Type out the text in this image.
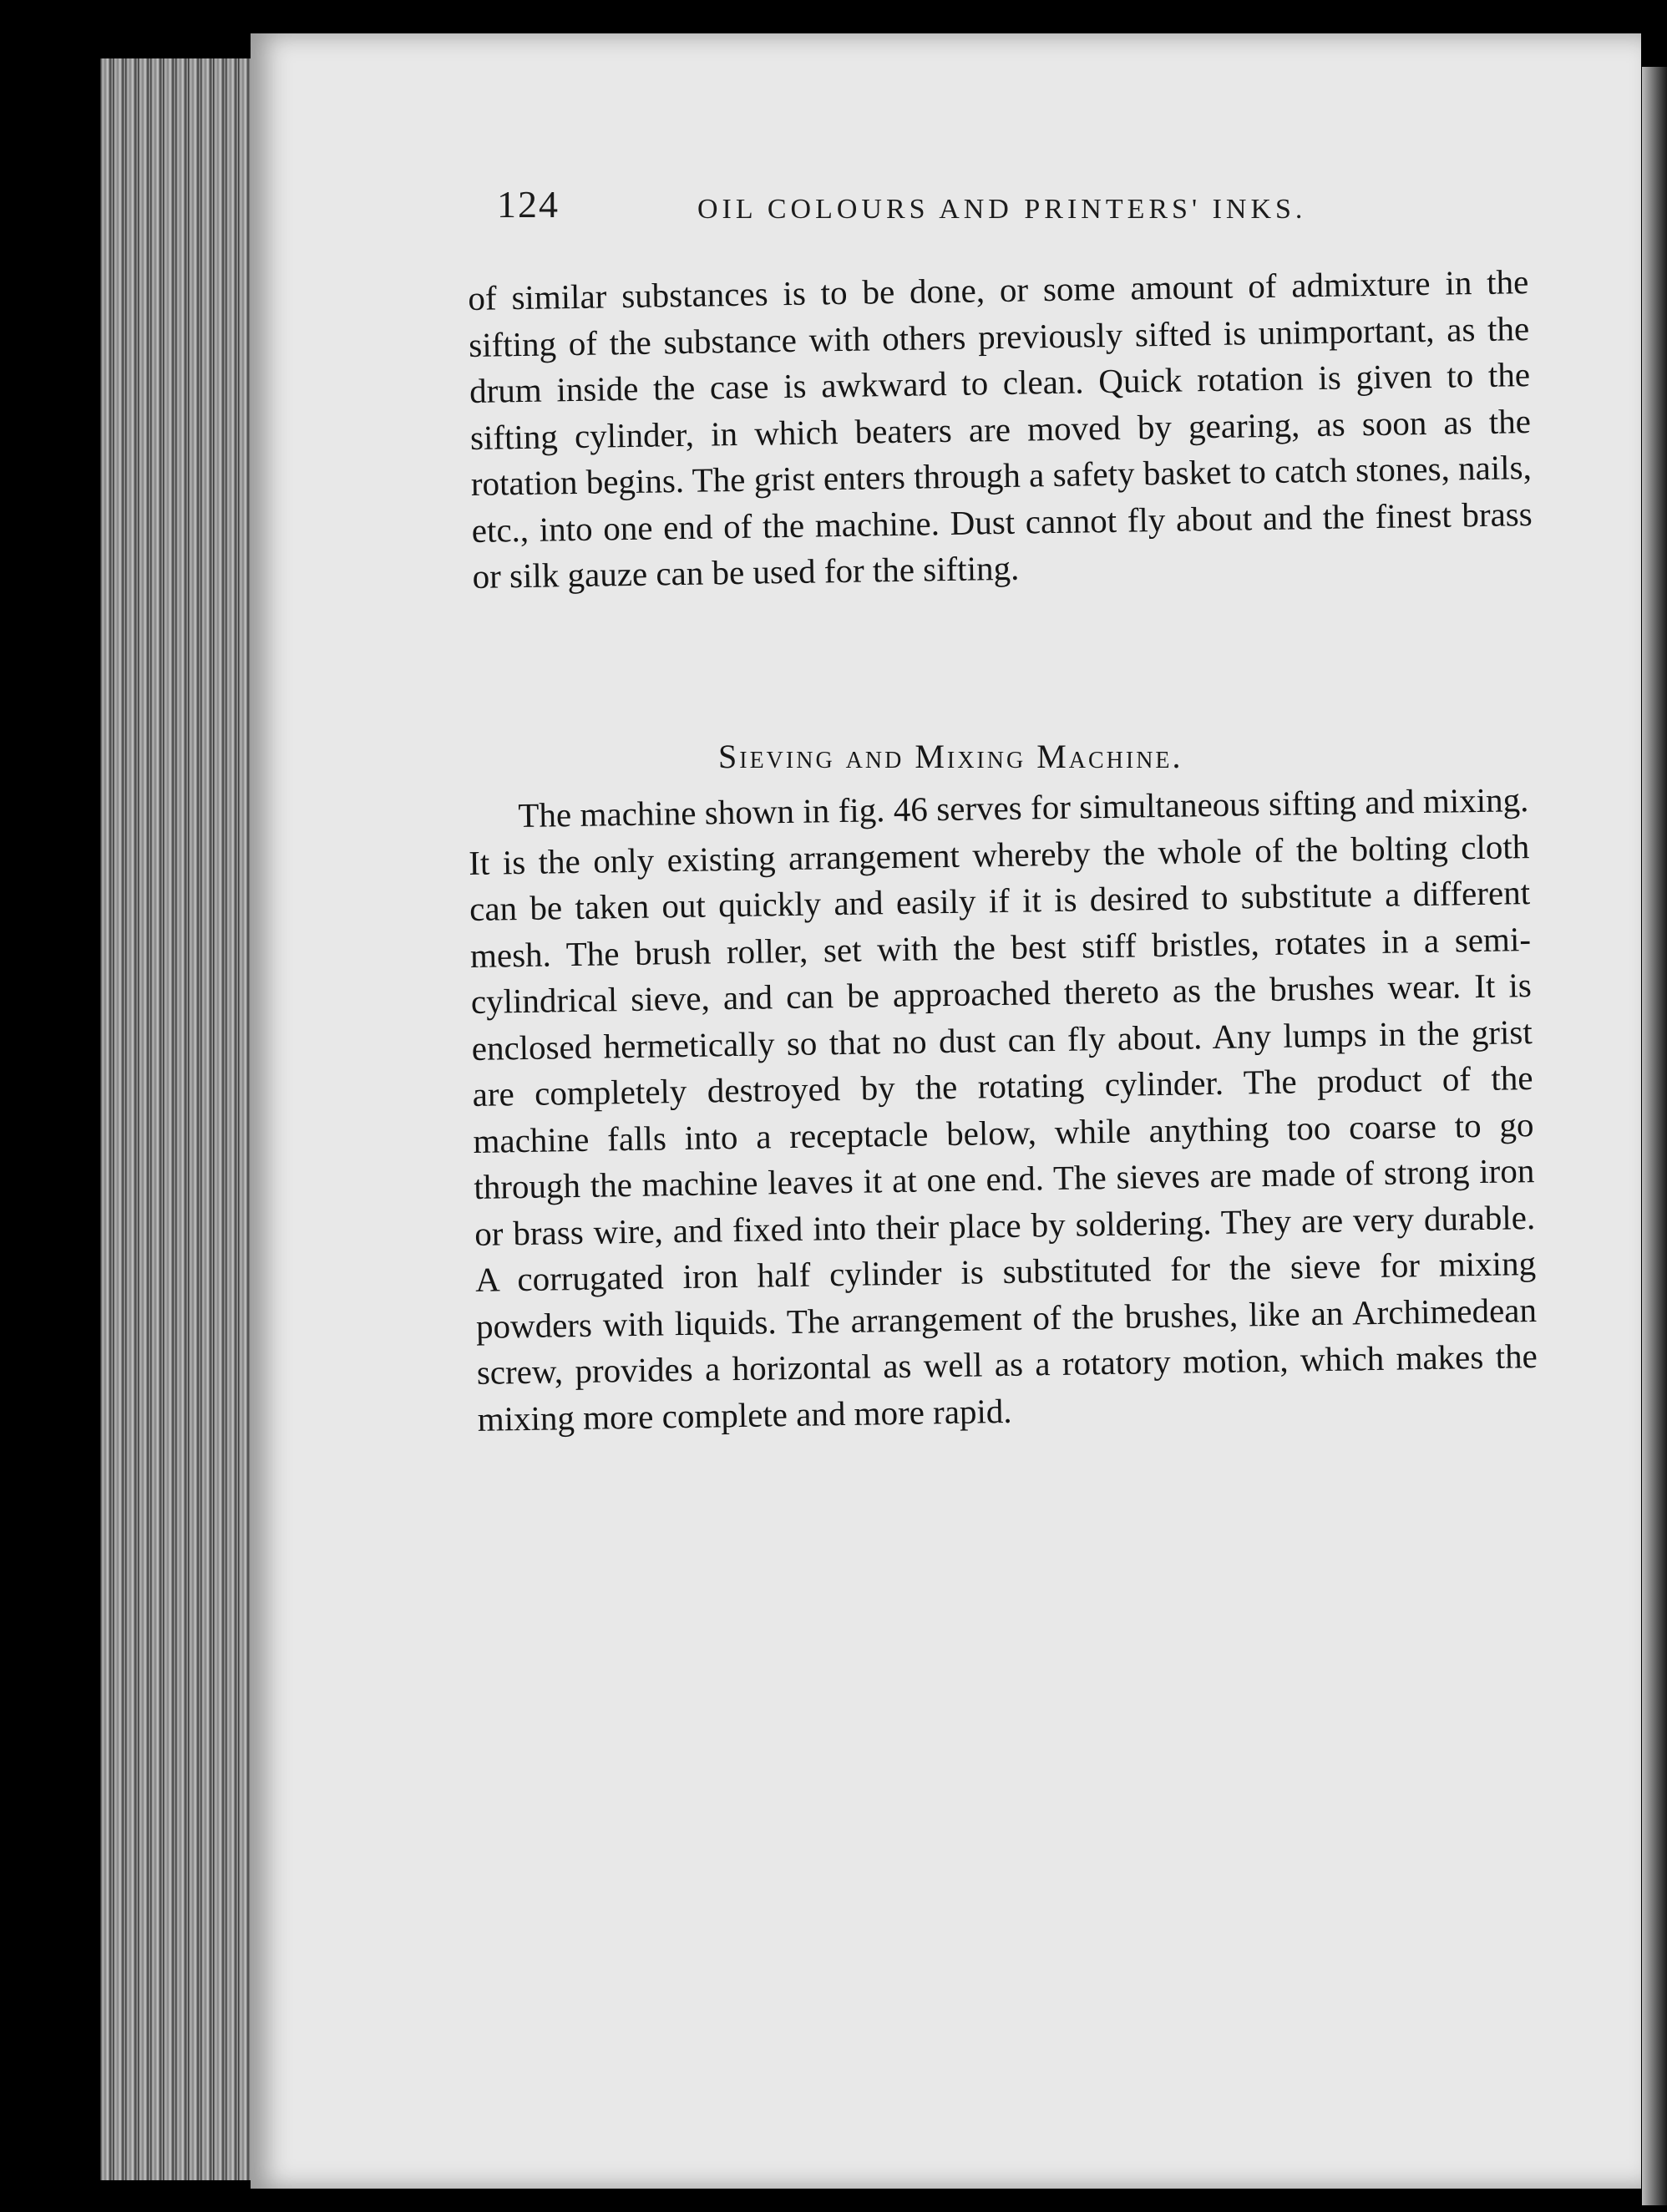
124	OIL COLOURS AND PRINTERS' INKS.
of similar substances is to be done, or some amount of admixture in the sifting of the substance with others previously sifted is unimportant, as the drum inside the case is awkward to clean. Quick rotation is given to the sifting cylinder, in which beaters are moved by gearing, as soon as the rotation begins. The grist enters through a safety basket to catch stones, nails, etc., into one end of the machine. Dust cannot fly about and the finest brass or silk gauze can be used for the sifting.
Sieving and Mixing Machine.
The machine shown in fig. 46 serves for simultaneous sifting and mixing. It is the only existing arrangement whereby the whole of the bolting cloth can be taken out quickly and easily if it is desired to substitute a different mesh. The brush roller, set with the best stiff bristles, rotates in a semi-cylindrical sieve, and can be approached thereto as the brushes wear. It is enclosed hermetically so that no dust can fly about. Any lumps in the grist are completely destroyed by the rotating cylinder. The product of the machine falls into a receptacle below, while anything too coarse to go through the machine leaves it at one end. The sieves are made of strong iron or brass wire, and fixed into their place by soldering. They are very durable. A corrugated iron half cylinder is substituted for the sieve for mixing powders with liquids. The arrangement of the brushes, like an Archimedean screw, provides a horizontal as well as a rotatory motion, which makes the mixing more complete and more rapid.
